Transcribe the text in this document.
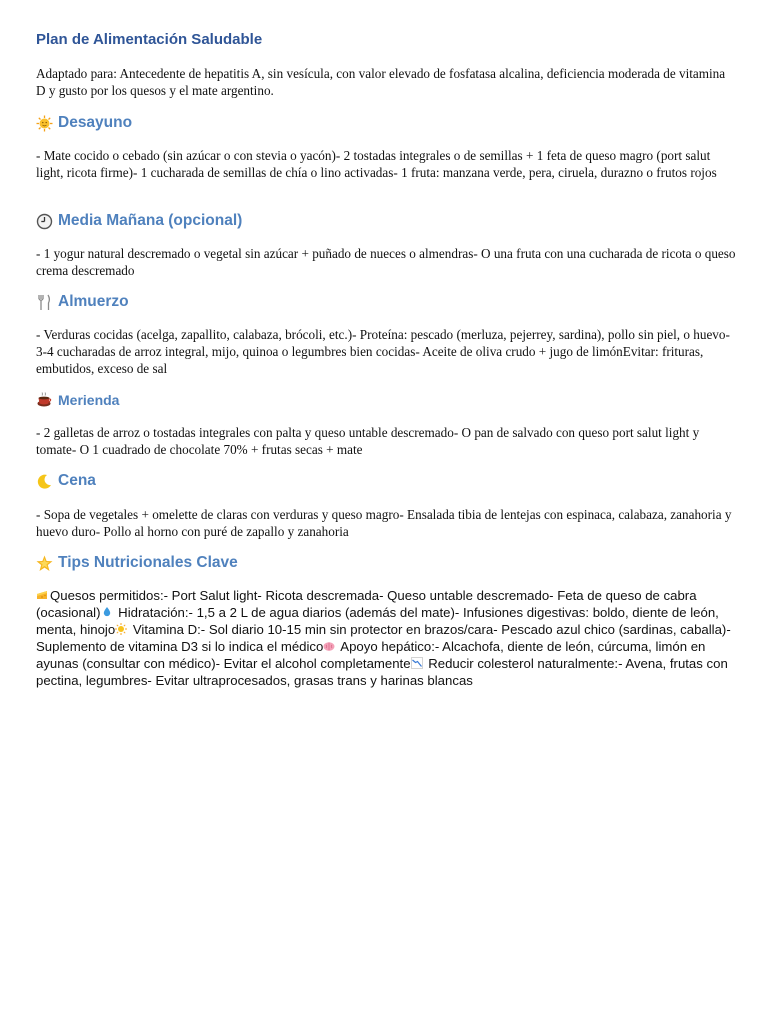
Plan de Alimentación Saludable

Adaptado para: Antecedente de hepatitis A, sin vesícula, con valor elevado de fosfatasa alcalina, deficiencia moderada de vitamina D y gusto por los quesos y el mate argentino.

Desayuno

- Mate cocido o cebado (sin azúcar o con stevia o yacón)- 2 tostadas integrales o de semillas + 1 feta de queso magro (port salut light, ricota firme)- 1 cucharada de semillas de chía o lino activadas- 1 fruta: manzana verde, pera, ciruela, durazno o frutos rojos

Media Mañana (opcional)

- 1 yogur natural descremado o vegetal sin azúcar + puñado de nueces o almendras- O una fruta con una cucharada de ricota o queso crema descremado

Almuerzo

- Verduras cocidas (acelga, zapallito, calabaza, brócoli, etc.)- Proteína: pescado (merluza, pejerrey, sardina), pollo sin piel, o huevo- 3-4 cucharadas de arroz integral, mijo, quinoa o legumbres bien cocidas- Aceite de oliva crudo + jugo de limónEvitar: frituras, embutidos, exceso de sal

Merienda

- 2 galletas de arroz o tostadas integrales con palta y queso untable descremado- O pan de salvado con queso port salut light y tomate- O 1 cuadrado de chocolate 70% + frutas secas + mate

Cena

- Sopa de vegetales + omelette de claras con verduras y queso magro- Ensalada tibia de lentejas con espinaca, calabaza, zanahoria y huevo duro- Pollo al horno con puré de zapallo y zanahoria

Tips Nutricionales Clave

Quesos permitidos:- Port Salut light- Ricota descremada- Queso untable descremado- Feta de queso de cabra (ocasional) Hidratación:- 1,5 a 2 L de agua diarios (además del mate)- Infusiones digestivas: boldo, diente de león, menta, hinojo Vitamina D:- Sol diario 10-15 min sin protector en brazos/cara- Pescado azul chico (sardinas, caballa)- Suplemento de vitamina D3 si lo indica el médico Apoyo hepático:- Alcachofa, diente de león, cúrcuma, limón en ayunas (consultar con médico)- Evitar el alcohol completamente Reducir colesterol naturalmente:- Avena, frutas con pectina, legumbres- Evitar ultraprocesados, grasas trans y harinas blancas
